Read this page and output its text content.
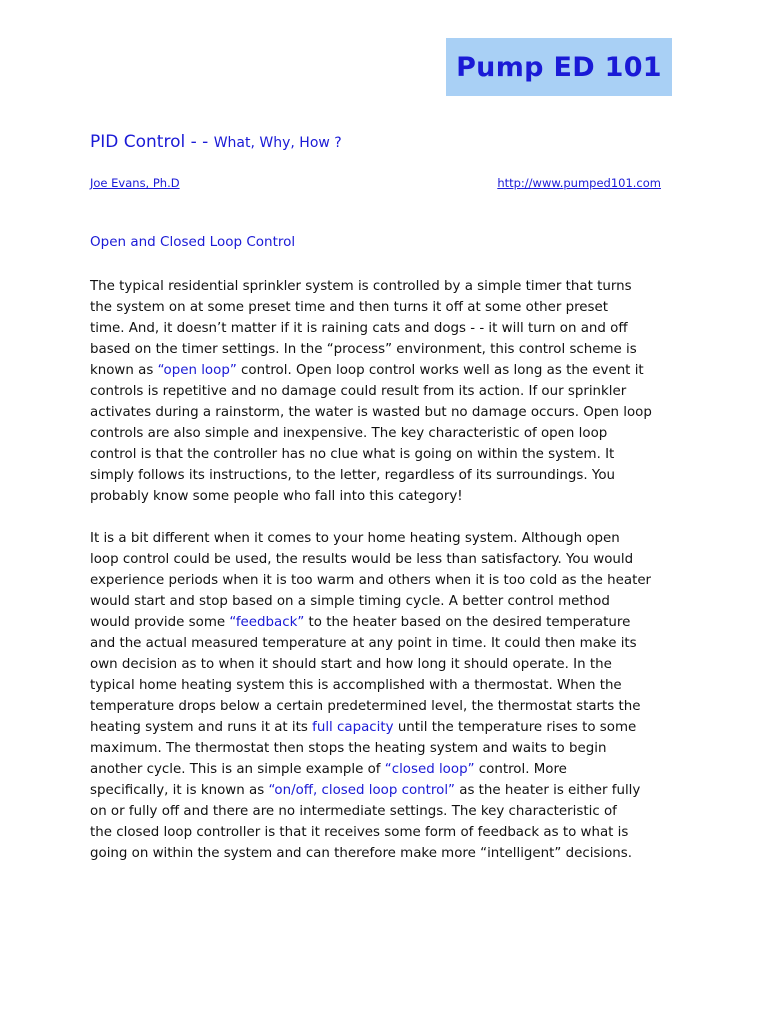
Pump ED 101
PID Control - - What, Why, How ?
Joe Evans, Ph.D	http://www.pumped101.com
Open and Closed Loop Control

The typical residential sprinkler system is controlled by a simple timer that turns
the system on at some preset time and then turns it off at some other preset
time. And, it doesn’t matter if it is raining cats and dogs - - it will turn on and off
based on the timer settings. In the “process” environment, this control scheme is
known as “open loop” control. Open loop control works well as long as the event it
controls is repetitive and no damage could result from its action. If our sprinkler
activates during a rainstorm, the water is wasted but no damage occurs. Open loop
controls are also simple and inexpensive. The key characteristic of open loop
control is that the controller has no clue what is going on within the system. It
simply follows its instructions, to the letter, regardless of its surroundings. You
probably know some people who fall into this category!

It is a bit different when it comes to your home heating system. Although open
loop control could be used, the results would be less than satisfactory. You would
experience periods when it is too warm and others when it is too cold as the heater
would start and stop based on a simple timing cycle. A better control method
would provide some “feedback” to the heater based on the desired temperature
and the actual measured temperature at any point in time. It could then make its
own decision as to when it should start and how long it should operate. In the
typical home heating system this is accomplished with a thermostat. When the
temperature drops below a certain predetermined level, the thermostat starts the
heating system and runs it at its full capacity until the temperature rises to some
maximum. The thermostat then stops the heating system and waits to begin
another cycle. This is an simple example of “closed loop” control. More
specifically, it is known as “on/off, closed loop control” as the heater is either fully
on or fully off and there are no intermediate settings. The key characteristic of
the closed loop controller is that it receives some form of feedback as to what is
going on within the system and can therefore make more “intelligent” decisions.
